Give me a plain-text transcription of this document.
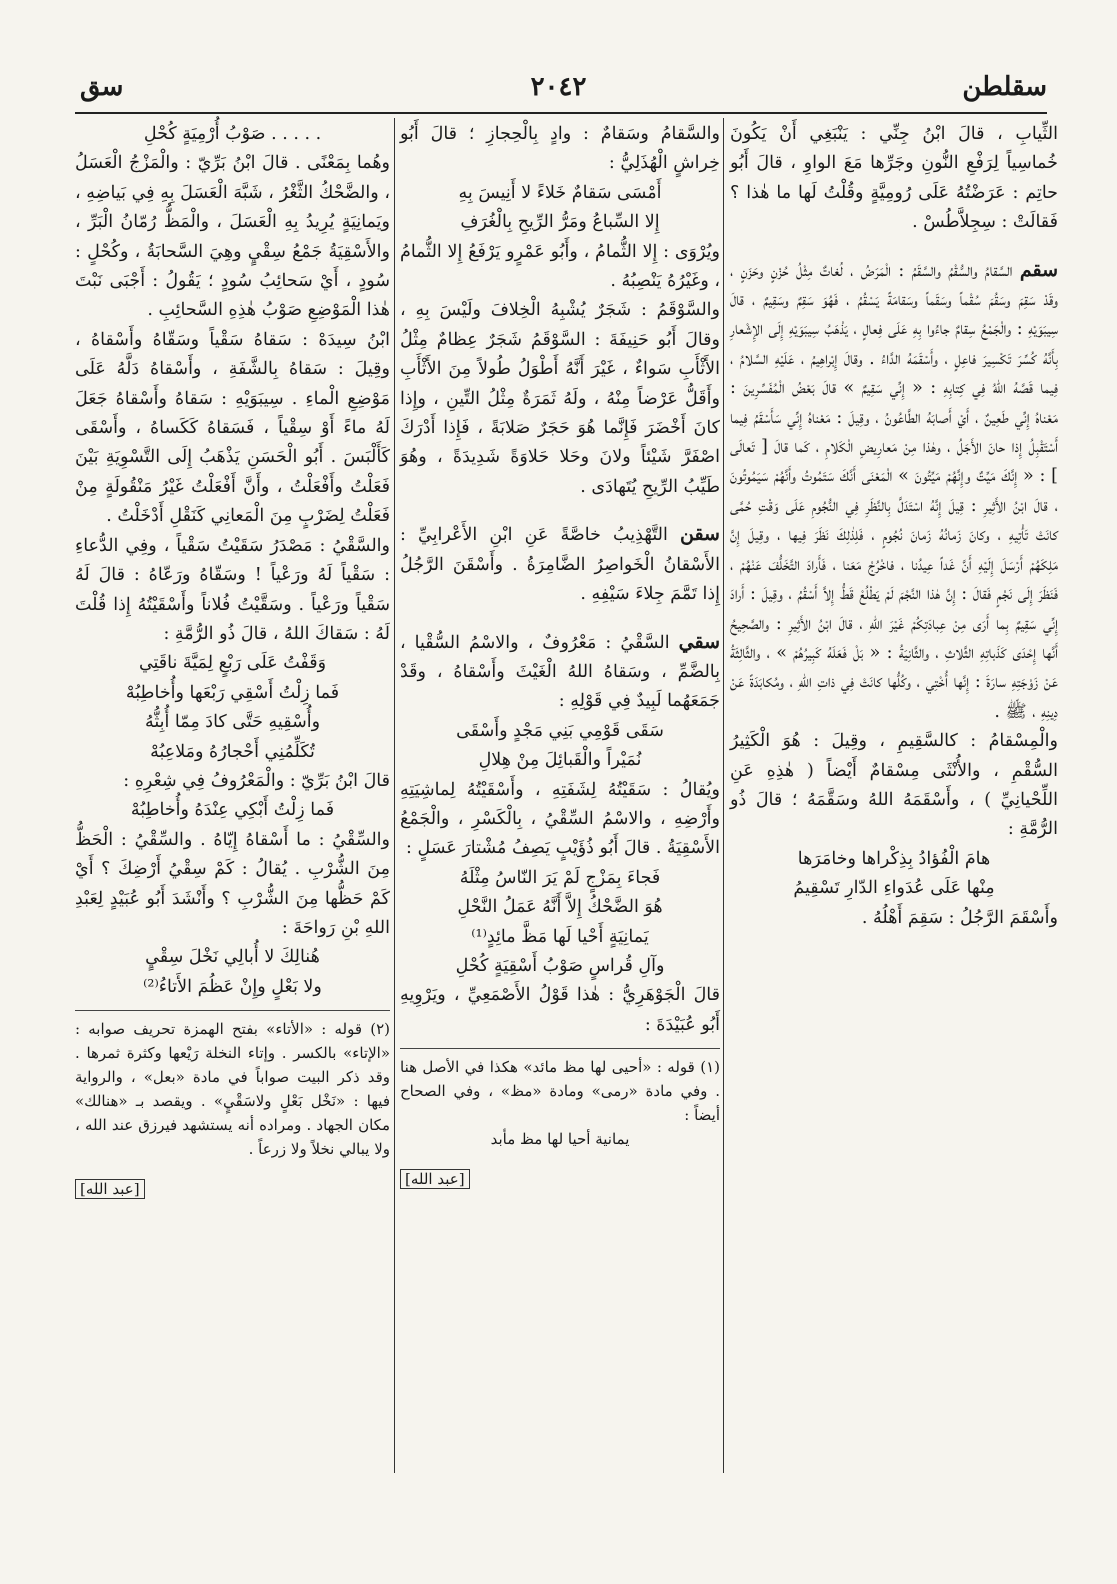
سقلطن
٢٠٤٢
سق

الثِّيابِ ، قالَ ابْنُ جِنِّي : يَنْبَغِي أَنْ يَكُونَ خُماسِياً لِرَفْعِ النُّونِ وجَرِّها مَعَ الواوِ ، قالَ أَبُو حاتِم : عَرَضْتُهُ عَلَى رُومِيَّةٍ وقُلْتُ لَها ما هٰذا ؟ فَقالَتْ : سِجِلاَّطُسْ .

سقم السَّقامُ والسُّقْمُ والسَّقَمُ : الْمَرَضُ ، لُغاتٌ مِثْلُ حُزْنٍ وحَزَنٍ ، وقَدْ سَقِمَ وسَقُمَ سُقْماً وسَقَماً وسَقامَةً يَسْقُمُ ، فَهُوَ سَقِمٌ وسَقِيمٌ ، قالَ سِيبَوَيْهِ : والْجَمْعُ سِقامٌ جاءُوا بِهِ عَلَى فِعالٍ ، يَذْهَبُ سِيبَوَيْهِ إِلَى الإِشْعارِ بِأَنَّهُ كُسِّرَ تَكْسِيرَ فاعِلٍ ، وأَسْقَمَهُ الدَّاءُ . وقالَ إِبْراهِيمُ ، عَلَيْهِ السَّلامُ ، فِيما قَصَّهُ اللهُ فِي كِتابِهِ : « إِنِّي سَقِيمٌ » قالَ بَعْضُ الْمُفَسِّرِينَ : مَعْناهُ إِنِّي طَعِينٌ ، أَيْ أَصابَهُ الطَّاعُونُ ، وقِيلَ : مَعْناهُ إِنِّي سَأَسْقَمُ فِيما أَسْتَقْبِلُ إِذا حانَ الأَجَلُ ، وهٰذا مِنْ مَعارِيضِ الْكَلامِ ، كَما قالَ [ تَعالَى ] : « إِنَّكَ مَيِّتٌ وإِنَّهُمْ مَيِّتُونَ » الْمَعْنَى أَنَّكَ سَتَمُوتُ وأَنَّهُمْ سَيَمُوتُونَ ، قالَ ابْنُ الأَثِيرِ : قِيلَ إِنَّهُ اسْتَدَلَّ بِالنَّظَرِ فِي النُّجُومِ عَلَى وَقْتِ حُمَّى كانَتْ تَأْتِيهِ ، وكانَ زَمانُهُ زَمانَ نُجُومٍ ، فَلِذٰلِكَ نَظَرَ فِيها ، وقِيلَ إِنَّ مَلِكَهُمْ أَرْسَلَ إِلَيْهِ أَنَّ غَداً عِيدُنا ، فاخْرُجْ مَعَنا ، فَأَرادَ التَّخَلُّفَ عَنْهُمْ ، فَنَظَرَ إِلَى نَجْمٍ فَقالَ : إِنَّ هٰذا النَّجْمَ لَمْ يَطْلُعْ قَطُّ إِلاَّ أَسْقُمُ ، وقِيلَ : أَرادَ إِنِّي سَقِيمٌ بِما أَرَى مِنْ عِبادَتِكُمْ غَيْرَ اللهِ ، قالَ ابْنُ الأَثِيرِ : والصَّحِيحُ أَنَّها إِحْدَى كَذَباتِهِ الثَّلاثِ ، والثَّانِيَةُ : « بَلْ فَعَلَهُ كَبِيرُهُمْ » ، والثَّالِثَةُ عَنْ زَوْجَتِهِ سارَةَ : إِنَّها أُخْتِي ، وكُلُّها كانَتْ فِي ذاتِ اللهِ ، ومُكابَدَةً عَنْ دِينِهِ ، ﷺ .

والْمِسْقامُ : كالسَّقِيمِ ، وقِيلَ : هُوَ الْكَثِيرُ السُّقْمِ ، والأُنْثَى مِسْقامٌ أَيْضاً ( هٰذِهِ عَنِ اللِّحْيانِيِّ ) ، وأَسْقَمَهُ اللهُ وسَقَّمَهُ ؛ قالَ ذُو الرُّمَّةِ :

هامَ الْفُؤادُ بِذِكْراها وخامَرَها

مِنْها عَلَى عُدَواءِ الدّارِ تَسْقِيمُ

وأَسْقَمَ الرَّجُلُ : سَقِمَ أَهْلُهُ .

والسَّقامُ وسَقامٌ : وادٍ بِالْحِجازِ ؛ قالَ أَبُو خِراشٍ الْهُذَلِيُّ :

أَمْسَى سَقامٌ خَلاءً لا أَنِيسَ بِهِ

إِلا السِّباعُ ومَرُّ الرِّيحِ بِالْغُرَفِ

ويُرْوَى : إِلا الثُّمامُ ، وأَبُو عَمْرٍو يَرْفَعُ إِلا الثُّمامُ ، وغَيْرُهُ يَنْصِبُهُ .

والسَّوْقَمُ : شَجَرٌ يُشْبِهُ الْخِلافَ ولَيْسَ بِهِ ، وقالَ أَبُو حَنِيفَةَ : السَّوْقَمُ شَجَرٌ عِظامٌ مِثْلُ الأَثْأَبِ سَواءٌ ، غَيْرَ أَنَّهُ أَطْوَلُ طُولاً مِنَ الأَثْأَبِ وأَقَلُّ عَرْضاً مِنْهُ ، ولَهُ ثَمَرَةٌ مِثْلُ التِّينِ ، وإِذا كانَ أَخْضَرَ فَإِنَّما هُوَ حَجَرٌ صَلابَةً ، فَإِذا أَدْرَكَ اصْفَرَّ شَيْئاً ولانَ وحَلا حَلاوَةً شَدِيدَةً ، وهُوَ طَيِّبُ الرِّيحِ يُتَهادَى .

سقن التَّهْذِيبُ خاصَّةً عَنِ ابْنِ الأَعْرابِيِّ : الأَسْقانُ الْخَواصِرُ الضَّامِرَةُ . وأَسْقَنَ الرَّجُلُ إِذا تَمَّمَ جِلاءَ سَيْفِهِ .

سقي السَّقْيُ : مَعْرُوفٌ ، والاسْمُ السُّقْيا ، بِالضَّمِّ ، وسَقاهُ اللهُ الْغَيْثَ وأَسْقاهُ ، وقَدْ جَمَعَهُما لَبِيدٌ فِي قَوْلِهِ :

سَقَى قَوْمِي بَنِي مَجْدٍ وأَسْقَى

نُمَيْراً والْقَبائِلَ مِنْ هِلالِ

ويُقالُ : سَقَيْتُهُ لِشَفَتِهِ ، وأَسْقَيْتُهُ لِماشِيَتِهِ وأَرْضِهِ ، والاسْمُ السِّقْيُ ، بِالْكَسْرِ ، والْجَمْعُ الأَسْقِيَةُ . قالَ أَبُو ذُؤَيْبٍ يَصِفُ مُشْتارَ عَسَلٍ :

فَجاءَ بِمَزْجٍ لَمْ يَرَ النّاسُ مِثْلَهُ

هُوَ الضَّحْكُ إِلاَّ أَنَّهُ عَمَلُ النَّحْلِ

يَمانِيَةٍ أَحْيا لَها مَظَّ مائِدٍ⁽¹⁾

وآلِ قُراسٍ صَوْبُ أَسْقِيَةٍ كُحْلِ

قالَ الْجَوْهَرِيُّ : هٰذا قَوْلُ الأَصْمَعِيِّ ، ويَرْوِيهِ أَبُو عُبَيْدَةَ :

(١) قوله : «أحيى لها مظ مائد» هكذا في الأصل هنا . وفي مادة «رمى» ومادة «مظ» ، وفي الصحاح أيضاً :

يمانية أحيا لها مظ مأبد

[عبد الله]

. . . . . صَوْبُ أُرْمِيَةٍ كُحْلِ

وهُما بِمَعْنًى . قالَ ابْنُ بَرِّيّ : والْمَزْجُ الْعَسَلُ ، والضَّحْكُ الثَّغْرُ ، شَبَّهَ الْعَسَلَ بِهِ فِي بَياضِهِ ، ويَمانِيَةٍ يُرِيدُ بِهِ الْعَسَلَ ، والْمَظُّ رُمّانُ الْبَرِّ ، والأَسْقِيَةُ جَمْعُ سِقْيٍ وهِيَ السَّحابَةُ ، وكُحْلٍ : سُودٍ ، أَيْ سَحائِبُ سُودٍ ؛ يَقُولُ : أَجْبَى نَبْتَ هٰذا الْمَوْضِعِ صَوْبُ هٰذِهِ السَّحائِبِ .

ابْنُ سِيدَهْ : سَقاهُ سَقْياً وسَقّاهُ وأَسْقاهُ ، وقِيلَ : سَقاهُ بِالشَّفَةِ ، وأَسْقاهُ دَلَّهُ عَلَى مَوْضِعِ الْماءِ . سِيبَوَيْهِ : سَقاهُ وأَسْقاهُ جَعَلَ لَهُ ماءً أَوْ سِقْياً ، فَسَقاهُ كَكَساهُ ، وأَسْقَى كَأَلْبَسَ . أَبُو الْحَسَنِ يَذْهَبُ إِلَى التَّسْوِيَةِ بَيْنَ فَعَلْتُ وأَفْعَلْتُ ، وأَنَّ أَفْعَلْتُ غَيْرُ مَنْقُولَةٍ مِنْ فَعَلْتُ لِضَرْبٍ مِنَ الْمَعانِي كَنَقْلِ أَدْخَلْتُ .

والسَّقْيُ : مَصْدَرُ سَقَيْتُ سَقْياً ، وفِي الدُّعاءِ : سَقْياً لَهُ ورَعْياً ! وسَقّاهُ ورَعّاهُ : قالَ لَهُ سَقْياً ورَعْياً . وسَقَّيْتُ فُلاناً وأَسْقَيْتُهُ إِذا قُلْتَ لَهُ : سَقاكَ اللهُ ، قالَ ذُو الرُّمَّةِ :

وَقَفْتُ عَلَى رَبْعٍ لِمَيَّةَ ناقَتِي

فَما زِلْتُ أَسْقِي رَبْعَها وأُخاطِبُهْ

وأُسْقِيهِ حَتَّى كادَ مِمّا أُبِثُّهُ

تُكَلِّمُنِي أَحْجارُهُ ومَلاعِبُهْ

قالَ ابْنُ بَرِّيّ : والْمَعْرُوفُ فِي شِعْرِهِ :

فَما زِلْتُ أَبْكِي عِنْدَهُ وأُخاطِبُهْ

والسِّقْيُ : ما أَسْقاهُ إِيّاهُ . والسِّقْيُ : الْحَظُّ مِنَ الشُّرْبِ . يُقالُ : كَمْ سِقْيُ أَرْضِكَ ؟ أَيْ كَمْ حَظُّها مِنَ الشُّرْبِ ؟ وأَنْشَدَ أَبُو عُبَيْدٍ لِعَبْدِ اللهِ بْنِ رَواحَةَ :

هُنالِكَ لا أُبالِي نَخْلَ سِقْيٍ

ولا بَعْلٍ وإِنْ عَظُمَ الأَتاءُ⁽²⁾

(٢) قوله : «الأتاء» بفتح الهمزة تحريف صوابه : «الإتاء» بالكسر . وإتاء النخلة رَيْعها وكثرة ثمرها . وقد ذكر البيت صواباً في مادة «بعل» ، والرواية فيها : «نَخْل بَعْلٍ ولاسَقْيٍ» . ويقصد بـ «هنالك» مكان الجهاد . ومراده أنه يستشهد فيرزق عند الله ، ولا يبالي نخلاً ولا زرعاً .

[عبد الله]
